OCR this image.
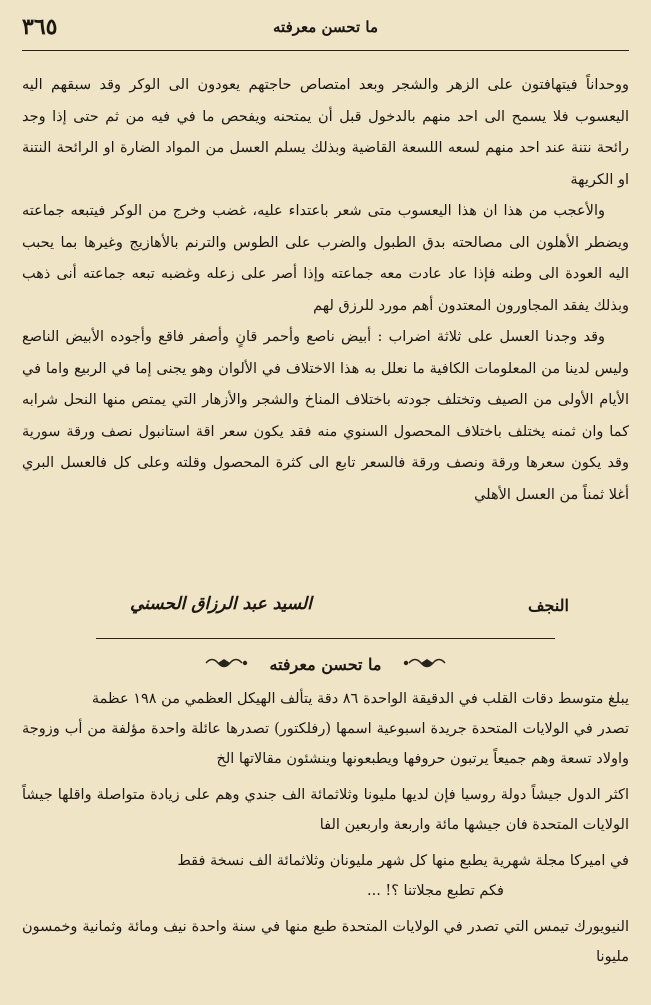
٣٦٥	ما تحسن معرفته

ووحداناً فيتهافتون على الزهر والشجر وبعد امتصاص حاجتهم يعودون الى الوكر وقد سبقهم اليه اليعسوب فلا يسمح الى احد منهم بالدخول قبل أن يمتحنه ويفحص ما في فيه من ثم حتى إذا وجد رائحة نتنة عند احد منهم لسعه اللسعة القاضية وبذلك يسلم العسل من المواد الضارة او الرائحة النتنة او الكريهة

والأعجب من هذا ان هذا اليعسوب متى شعر باعتداء عليه، غضب وخرج من الوكر فيتبعه جماعته ويضطر الأهلون الى مصالحته بدق الطبول والضرب على الطوس والترنم بالأهازيج وغيرها بما يحبب اليه العودة الى وطنه فإذا عاد عادت معه جماعته وإذا أصر على زعله وغضبه تبعه جماعته أنى ذهب وبذلك يفقد المجاورون المعتدون أهم مورد للرزق لهم

وقد وجدنا العسل على ثلاثة اضراب : أبيض ناصع وأحمر قانٍ وأصفر فاقع وأجوده الأبيض الناصع وليس لدينا من المعلومات الكافية ما نعلل به هذا الاختلاف في الألوان وهو يجنى إما في الربيع واما في الأيام الأولى من الصيف وتختلف جودته باختلاف المناخ والشجر والأزهار التي يمتص منها النحل شرابه كما وان ثمنه يختلف باختلاف المحصول السنوي منه فقد يكون سعر اقة استانبول نصف ورقة سورية وقد يكون سعرها ورقة ونصف ورقة فالسعر تابع الى كثرة المحصول وقلته وعلى كل فالعسل البري أغلا ثمناً من العسل الأهلي

النجف
السيد عبد الرزاق الحسني
ما تحسن معرفته

يبلغ متوسط دقات القلب في الدقيقة الواحدة ٨٦ دقة يتألف الهيكل العظمي من ١٩٨ عظمة

تصدر في الولايات المتحدة جريدة اسبوعية اسمها (رفلكتور) تصدرها عائلة واحدة مؤلفة من أب وزوجة واولاد تسعة وهم جميعاً يرتبون حروفها ويطبعونها وينشئون مقالاتها الخ

اكثر الدول جيشاً دولة روسيا فإن لديها مليونا وثلاثمائة الف جندي وهم على زيادة متواصلة واقلها جيشاً الولايات المتحدة فان جيشها مائة واربعة واربعين الفا

في اميركا مجلة شهرية يطبع منها كل شهر مليونان وثلاثمائة الف نسخة فقط

فكم تطبع مجلاتنا ؟! ...

النيويورك تيمس التي تصدر في الولايات المتحدة طبع منها في سنة واحدة نيف ومائة وثمانية وخمسون مليونا
